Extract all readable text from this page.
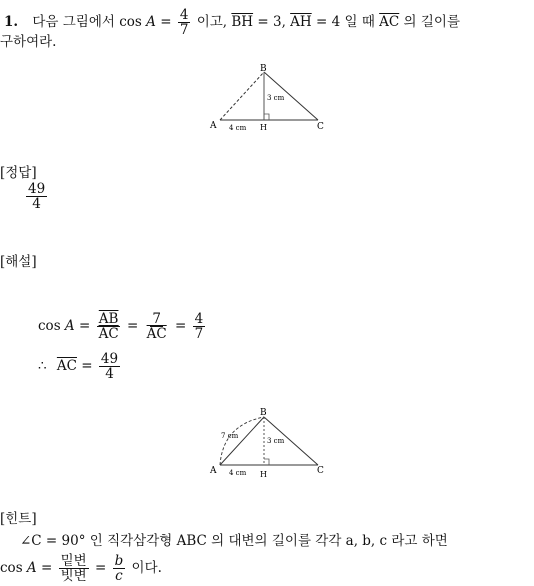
1. 다음 그림에서 $\cos A = \frac{4}{7}$ 이고, $\overline{BH} = 3$, $\overline{AH} = 4$ 일 때 $\overline{AC}$ 의 길이를
구하여라.
B
A	C
H
3 cm
4 cm
[정답]
$\frac{49}{4}$
[해설]
$\cos A = \frac{\overline{AB}}{AC} = \frac{7}{AC} = \frac{4}{7}$
∴ $\overline{AC} = \frac{49}{4}$
B
A	C
H
7 cm
3 cm
4 cm
[힌트]
∠C = 90° 인 직각삼각형 ABC 의 대변의 길이를 각각 a, b, c 라고 하면
$\cos A = \frac{\text{밑변}}{\text{빗변}} = \frac{b}{c}$ 이다.
